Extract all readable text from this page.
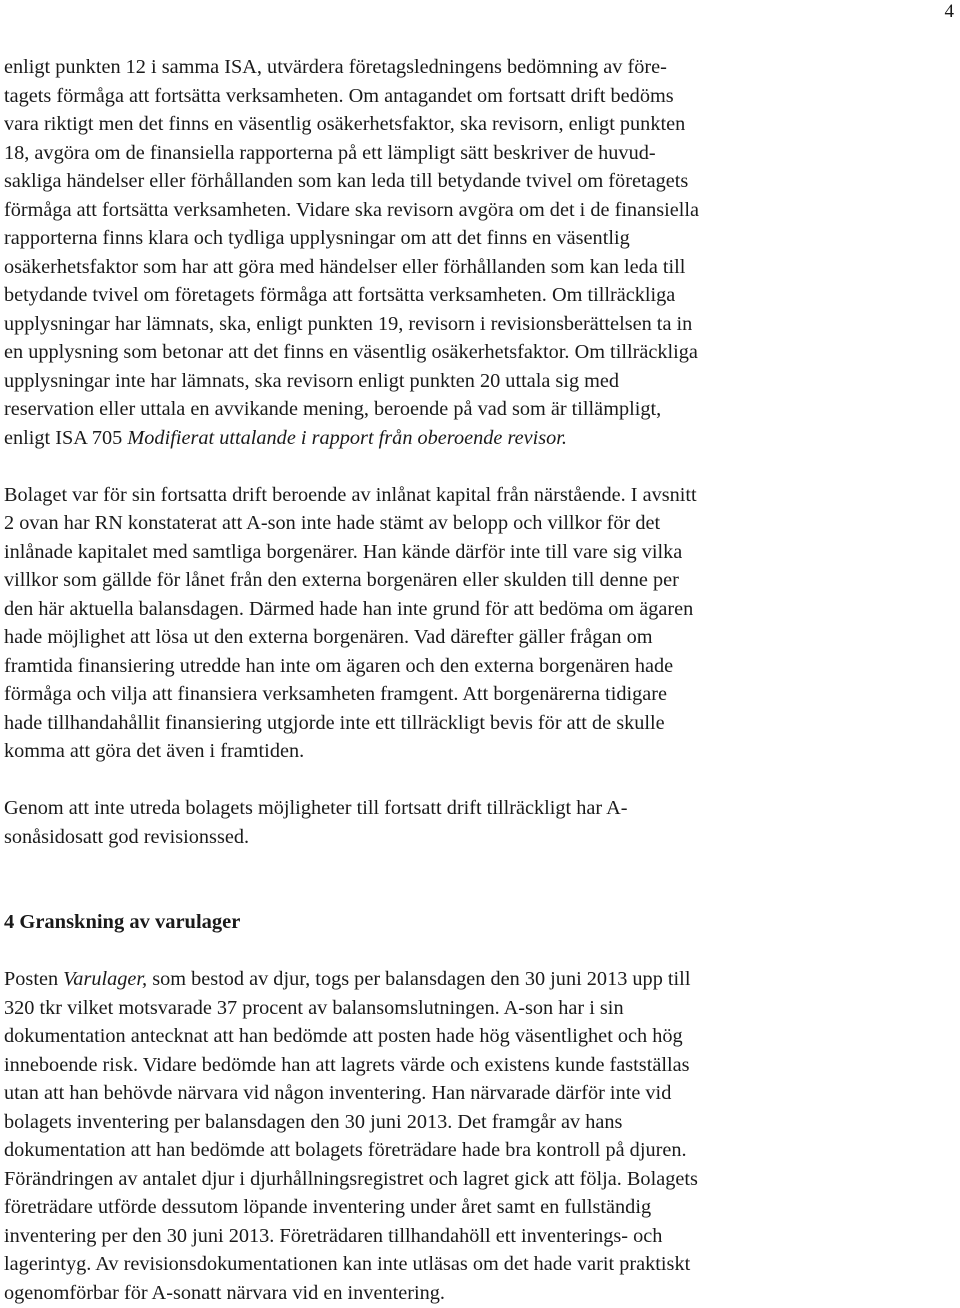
4
enligt punkten 12 i samma ISA, utvärdera företagsledningens bedömning av före-
tagets förmåga att fortsätta verksamheten. Om antagandet om fortsatt drift bedöms
vara riktigt men det finns en väsentlig osäkerhetsfaktor, ska revisorn, enligt punkten
18, avgöra om de finansiella rapporterna på ett lämpligt sätt beskriver de huvud-
sakliga händelser eller förhållanden som kan leda till betydande tvivel om företagets
förmåga att fortsätta verksamheten. Vidare ska revisorn avgöra om det i de finansiella
rapporterna finns klara och tydliga upplysningar om att det finns en väsentlig
osäkerhetsfaktor som har att göra med händelser eller förhållanden som kan leda till
betydande tvivel om företagets förmåga att fortsätta verksamheten. Om tillräckliga
upplysningar har lämnats, ska, enligt punkten 19, revisorn i revisionsberättelsen ta in
en upplysning som betonar att det finns en väsentlig osäkerhetsfaktor. Om tillräckliga
upplysningar inte har lämnats, ska revisorn enligt punkten 20 uttala sig med
reservation eller uttala en avvikande mening, beroende på vad som är tillämpligt,
enligt ISA 705 Modifierat uttalande i rapport från oberoende revisor.
Bolaget var för sin fortsatta drift beroende av inlånat kapital från närstående. I avsnitt
2 ovan har RN konstaterat att A-son inte hade stämt av belopp och villkor för det
inlånade kapitalet med samtliga borgenärer. Han kände därför inte till vare sig vilka
villkor som gällde för lånet från den externa borgenären eller skulden till denne per
den här aktuella balansdagen. Därmed hade han inte grund för att bedöma om ägaren
hade möjlighet att lösa ut den externa borgenären. Vad därefter gäller frågan om
framtida finansiering utredde han inte om ägaren och den externa borgenären hade
förmåga och vilja att finansiera verksamheten framgent. Att borgenärerna tidigare
hade tillhandahållit finansiering utgjorde inte ett tillräckligt bevis för att de skulle
komma att göra det även i framtiden.
Genom att inte utreda bolagets möjligheter till fortsatt drift tillräckligt har A-
sonåsidosatt god revisionssed.
4 Granskning av varulager
Posten Varulager, som bestod av djur, togs per balansdagen den 30 juni 2013 upp till
320 tkr vilket motsvarade 37 procent av balansomslutningen. A-son har i sin
dokumentation antecknat att han bedömde att posten hade hög väsentlighet och hög
inneboende risk. Vidare bedömde han att lagrets värde och existens kunde fastställas
utan att han behövde närvara vid någon inventering. Han närvarade därför inte vid
bolagets inventering per balansdagen den 30 juni 2013. Det framgår av hans
dokumentation att han bedömde att bolagets företrädare hade bra kontroll på djuren.
Förändringen av antalet djur i djurhållningsregistret och lagret gick att följa. Bolagets
företrädare utförde dessutom löpande inventering under året samt en fullständig
inventering per den 30 juni 2013. Företrädaren tillhandahöll ett inventerings- och
lagerintyg. Av revisionsdokumentationen kan inte utläsas om det hade varit praktiskt
ogenomförbar för A-sonatt närvara vid en inventering.
